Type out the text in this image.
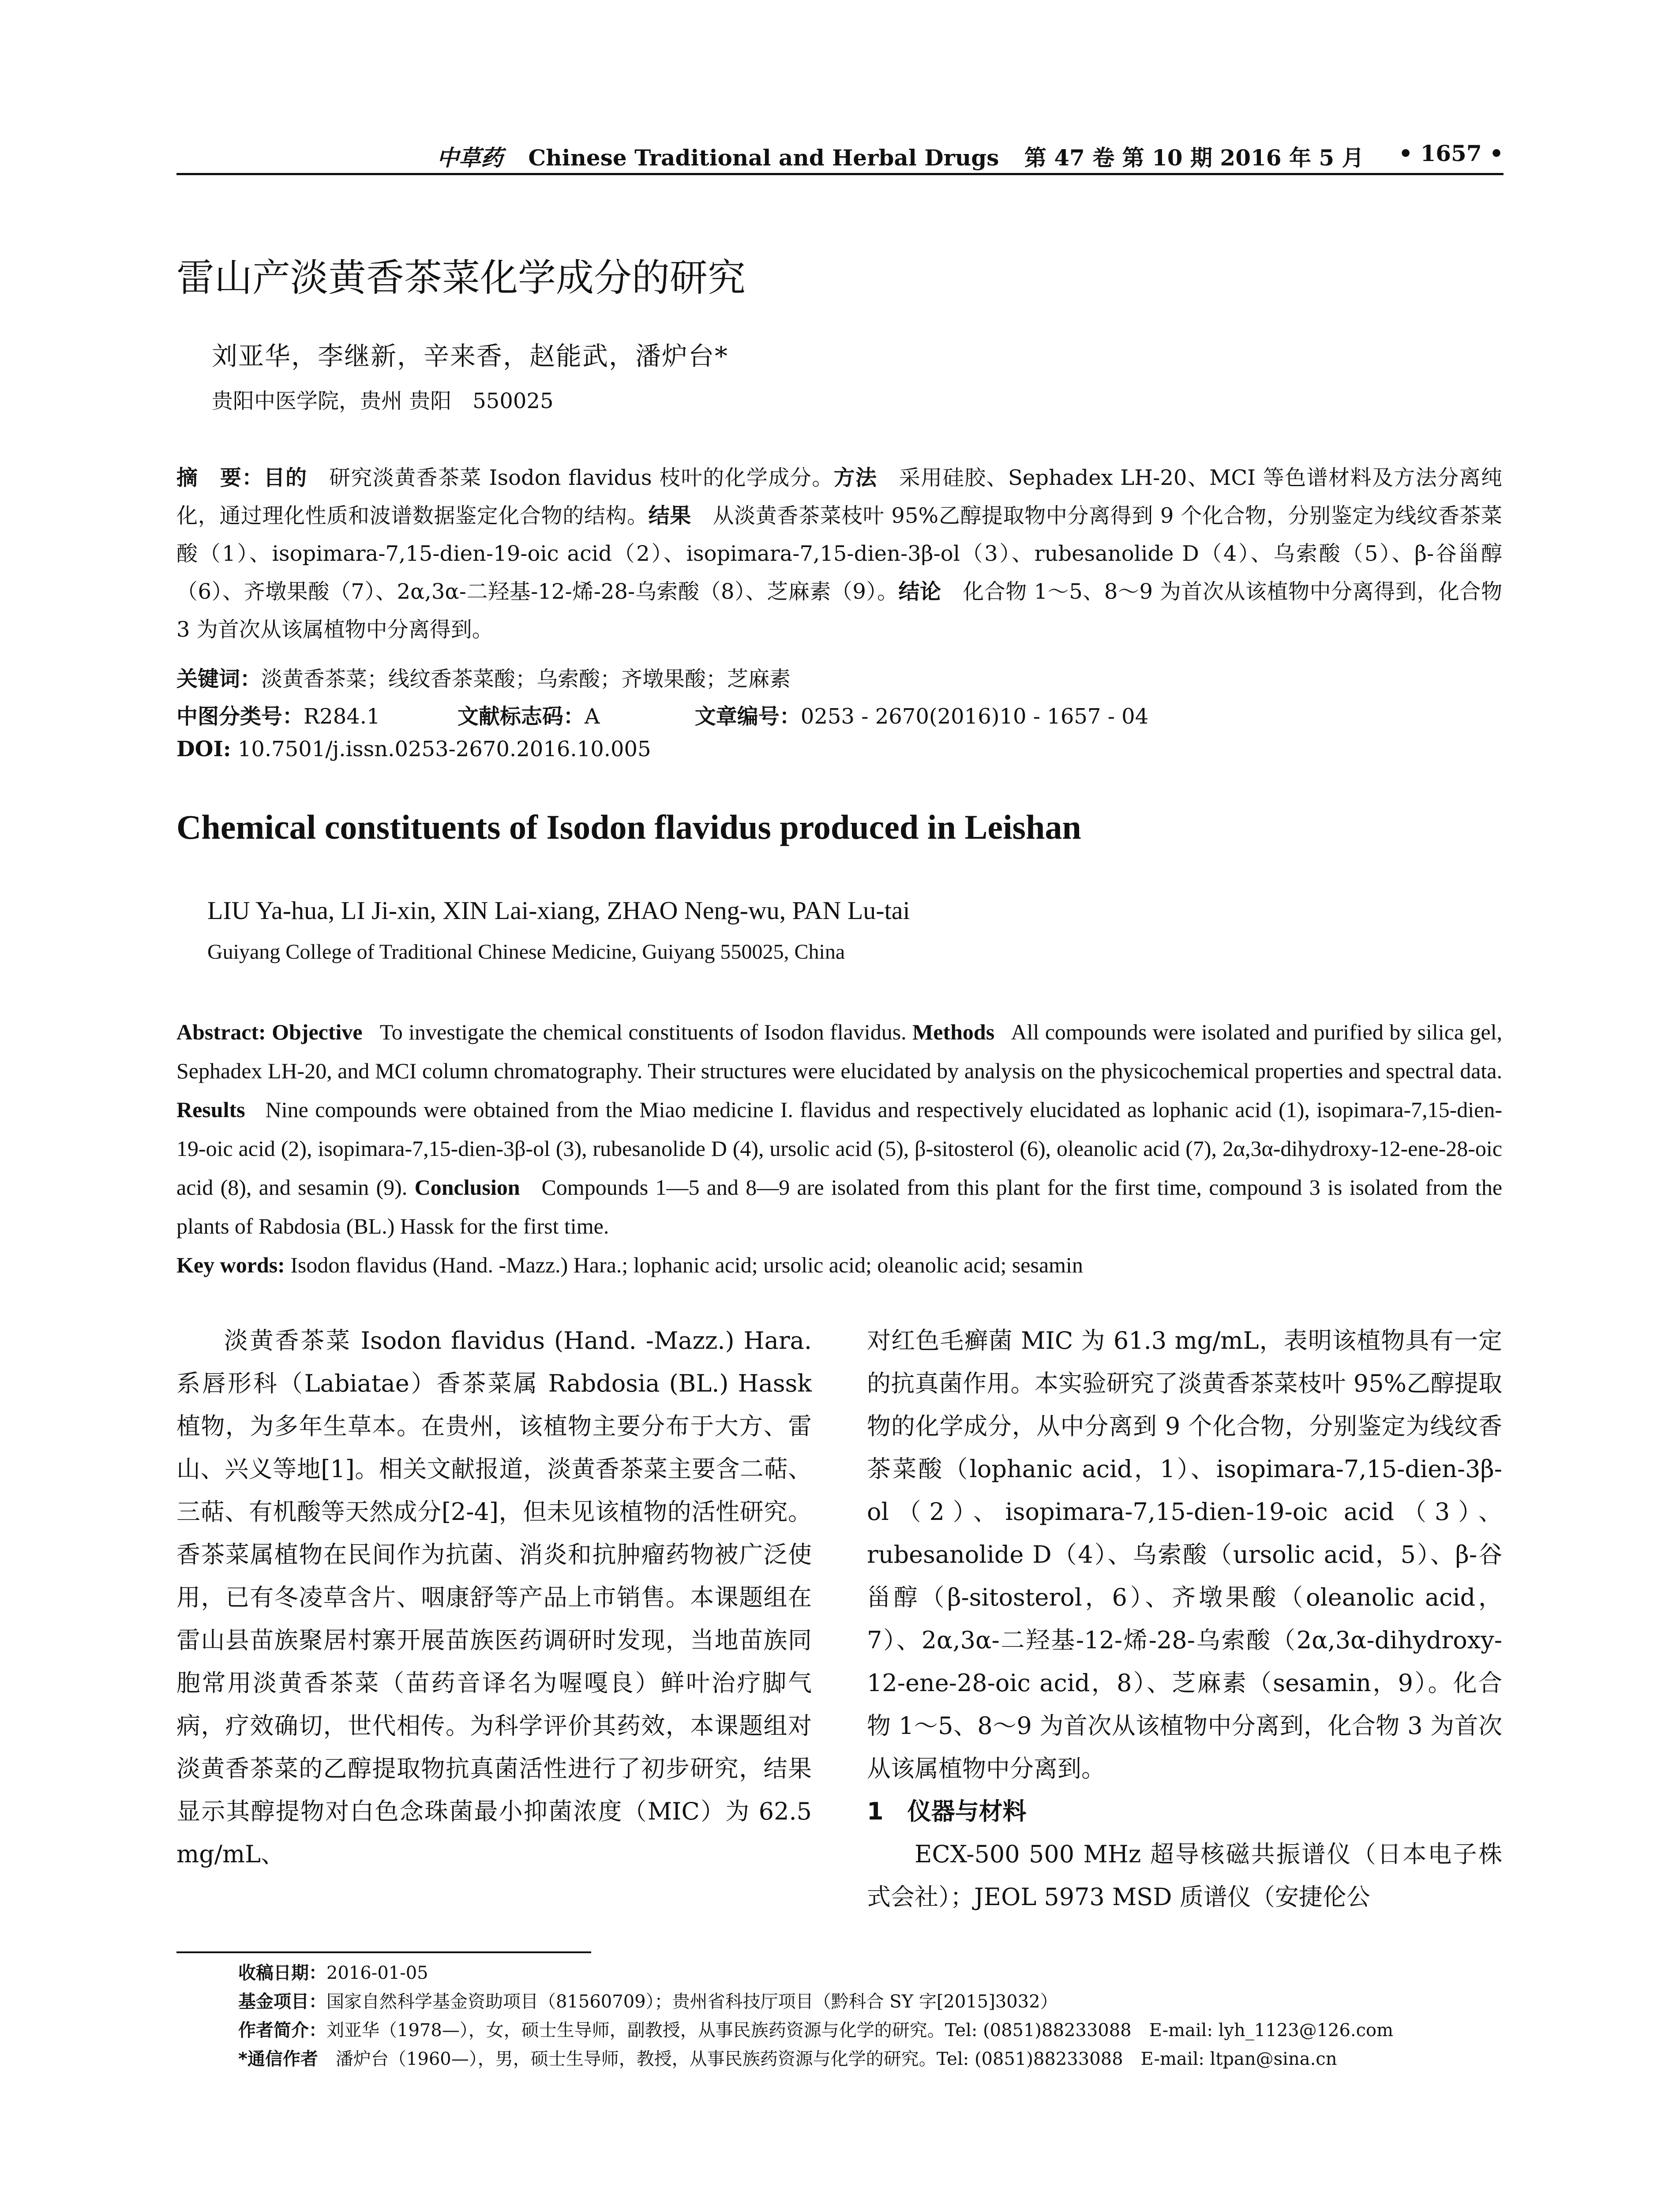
中草药 Chinese Traditional and Herbal Drugs 第 47 卷 第 10 期 2016 年 5 月 • 1657 •
雷山产淡黄香茶菜化学成分的研究
刘亚华，李继新，辛来香，赵能武，潘炉台*
贵阳中医学院，贵州 贵阳　550025
摘　要：目的　 研究淡黄香茶菜 Isodon flavidus 枝叶的化学成分。方法　 采用硅胶、Sephadex LH-20、MCI 等色谱材料及方法分离纯化，通过理化性质和波谱数据鉴定化合物的结构。结果　 从淡黄香茶菜枝叶 95%乙醇提取物中分离得到 9 个化合物，分别鉴定为线纹香茶菜酸（1）、isopimara-7,15-dien-19-oic acid（2）、isopimara-7,15-dien-3β-ol（3）、rubesanolide D（4）、乌索酸（5）、β-谷甾醇（6）、齐墩果酸（7）、2α,3α-二羟基-12-烯-28-乌索酸（8）、芝麻素（9）。结论　 化合物 1～5、8～9 为首次从该植物中分离得到，化合物 3 为首次从该属植物中分离得到。
关键词：淡黄香茶菜；线纹香茶菜酸；乌索酸；齐墩果酸；芝麻素
中图分类号：R284.1	文献标志码：A	文章编号：0253 - 2670(2016)10 - 1657 - 04
DOI: 10.7501/j.issn.0253-2670.2016.10.005
Chemical constituents of Isodon flavidus produced in Leishan
LIU Ya-hua, LI Ji-xin, XIN Lai-xiang, ZHAO Neng-wu, PAN Lu-tai
Guiyang College of Traditional Chinese Medicine, Guiyang 550025, China
Abstract: Objective To investigate the chemical constituents of Isodon flavidus. Methods All compounds were isolated and purified by silica gel, Sephadex LH-20, and MCI column chromatography. Their structures were elucidated by analysis on the physicochemical properties and spectral data. Results Nine compounds were obtained from the Miao medicine I. flavidus and respectively elucidated as lophanic acid (1), isopimara-7,15-dien-19-oic acid (2), isopimara-7,15-dien-3β-ol (3), rubesanolide D (4), ursolic acid (5), β-sitosterol (6), oleanolic acid (7), 2α,3α-dihydroxy-12-ene-28-oic acid (8), and sesamin (9). Conclusion Compounds 1—5 and 8—9 are isolated from this plant for the first time, compound 3 is isolated from the plants of Rabdosia (BL.) Hassk for the first time.
Key words: Isodon flavidus (Hand. -Mazz.) Hara.; lophanic acid; ursolic acid; oleanolic acid; sesamin

淡黄香茶菜 Isodon flavidus (Hand. -Mazz.) Hara. 系唇形科（Labiatae）香茶菜属 Rabdosia (BL.) Hassk 植物，为多年生草本。在贵州，该植物主要分布于大方、雷山、兴义等地[1]。相关文献报道，淡黄香茶菜主要含二萜、三萜、有机酸等天然成分[2-4]，但未见该植物的活性研究。香茶菜属植物在民间作为抗菌、消炎和抗肿瘤药物被广泛使用，已有冬凌草含片、咽康舒等产品上市销售。本课题组在雷山县苗族聚居村寨开展苗族医药调研时发现，当地苗族同胞常用淡黄香茶菜（苗药音译名为喔嘎良）鲜叶治疗脚气病，疗效确切，世代相传。为科学评价其药效，本课题组对淡黄香茶菜的乙醇提取物抗真菌活性进行了初步研究，结果显示其醇提物对白色念珠菌最小抑菌浓度（MIC）为 62.5 mg/mL、

对红色毛癣菌 MIC 为 61.3 mg/mL，表明该植物具有一定的抗真菌作用。本实验研究了淡黄香茶菜枝叶 95%乙醇提取物的化学成分，从中分离到 9 个化合物，分别鉴定为线纹香茶菜酸（lophanic acid，1）、isopimara-7,15-dien-3β-ol（2）、isopimara-7,15-dien-19-oic acid（3）、rubesanolide D（4）、乌索酸（ursolic acid，5）、β-谷甾醇（β-sitosterol，6）、齐墩果酸（oleanolic acid，7）、2α,3α-二羟基-12-烯-28-乌索酸（2α,3α-dihydroxy-12-ene-28-oic acid，8）、芝麻素（sesamin，9）。化合物 1～5、8～9 为首次从该植物中分离到，化合物 3 为首次从该属植物中分离到。

1　仪器与材料

ECX-500 500 MHz 超导核磁共振谱仪（日本电子株式会社）；JEOL 5973 MSD 质谱仪（安捷伦公

收稿日期：2016-01-05
基金项目：国家自然科学基金资助项目（81560709）；贵州省科技厅项目（黔科合 SY 字[2015]3032）
作者简介：刘亚华（1978—），女，硕士生导师，副教授，从事民族药资源与化学的研究。Tel: (0851)88233088　E-mail: lyh_1123@126.com
*通信作者　潘炉台（1960—），男，硕士生导师，教授，从事民族药资源与化学的研究。Tel: (0851)88233088　E-mail: ltpan@sina.cn
